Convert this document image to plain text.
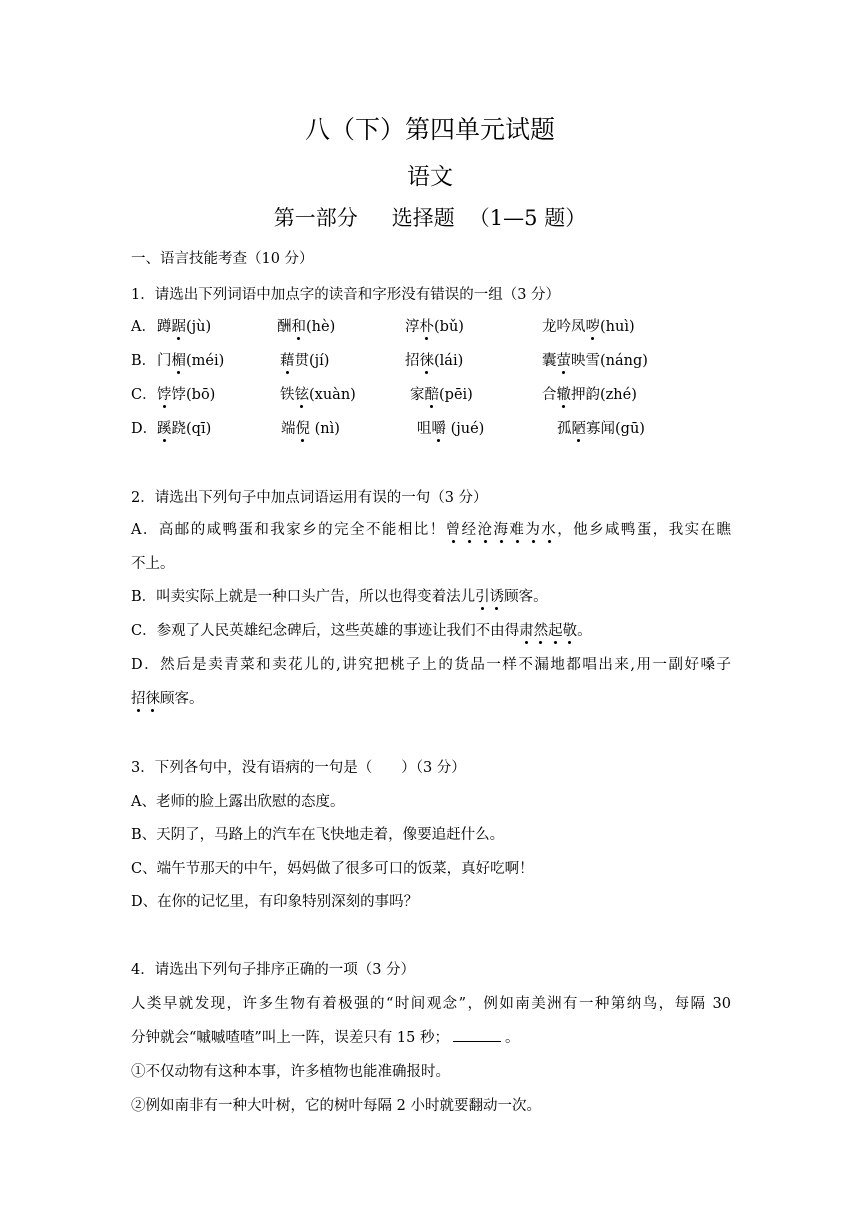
八（下）第四单元试题
语文
第一部分 选择题 （1—5 题）
一、语言技能考查（10 分）
1．请选出下列词语中加点字的读音和字形没有错误的一组（3 分）
A． 蹲踞(jù)	酬和(hè)	淳朴(bǔ)	龙吟凤哕(huì)
B． 门楣(méi)	藉贯(jí)	招徕(lái)	囊萤映雪(náng)
C． 饽饽(bō)	铁铉(xuàn)	家醅(pēi)	合辙押韵(zhé)
D． 蹊跷(qī)	端倪 (nì)	咀嚼 (jué)	孤陋寡闻(gū)
2．请选出下列句子中加点词语运用有误的一句（3 分）
A．高邮的咸鸭蛋和我家乡的完全不能相比！曾经沧海难为水，他乡咸鸭蛋，我实在瞧
不上。
B．叫卖实际上就是一种口头广告，所以也得变着法儿引诱顾客。
C．参观了人民英雄纪念碑后，这些英雄的事迹让我们不由得肃然起敬。
D．然后是卖青菜和卖花儿的,讲究把桃子上的货品一样不漏地都唱出来,用一副好嗓子
招徕顾客。
3．下列各句中，没有语病的一句是（　　）（3 分）
A、老师的脸上露出欣慰的态度。
B、天阴了，马路上的汽车在飞快地走着，像要追赶什么。
C、端午节那天的中午，妈妈做了很多可口的饭菜，真好吃啊！
D、在你的记忆里，有印象特别深刻的事吗？
4．请选出下列句子排序正确的一项（3 分）
人类早就发现，许多生物有着极强的“时间观念”，例如南美洲有一种第纳鸟，每隔 30
分钟就会“嘁嘁喳喳”叫上一阵，误差只有 15 秒；	。
①不仅动物有这种本事，许多植物也能准确报时。
②例如南非有一种大叶树，它的树叶每隔 2 小时就要翻动一次。
